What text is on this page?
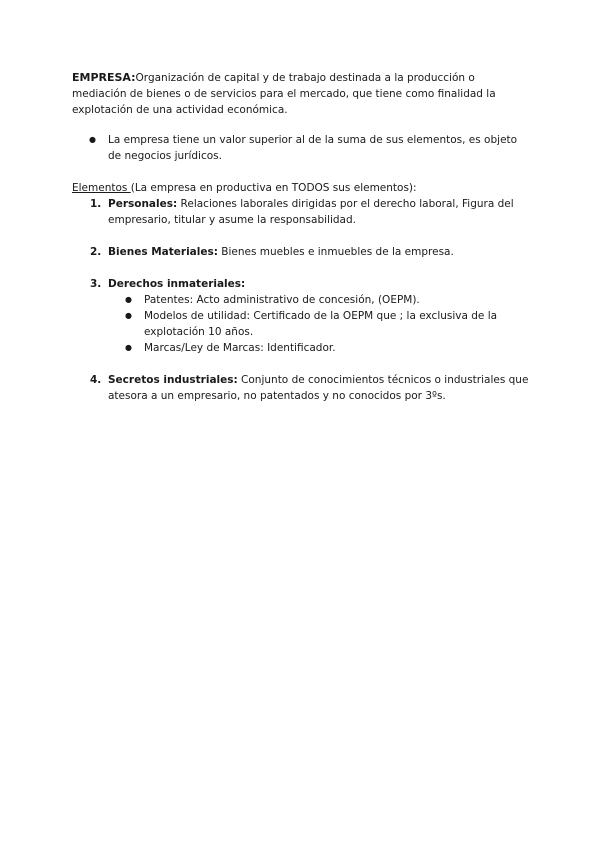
EMPRESA:Organización de capital y de trabajo destinada a la producción o mediación de bienes o de servicios para el mercado, que tiene como finalidad la explotación de una actividad económica.

● La empresa tiene un valor superior al de la suma de sus elementos, es objeto de negocios jurídicos.

Elementos (La empresa en productiva en TODOS sus elementos):

1. Personales: Relaciones laborales dirigidas por el derecho laboral, Figura del empresario, titular y asume la responsabilidad.
2. Bienes Materiales: Bienes muebles e inmuebles de la empresa.
3. Derechos inmateriales:
● Patentes: Acto administrativo de concesión, (OEPM).
● Modelos de utilidad: Certificado de la OEPM que ; la exclusiva de la explotación 10 años.
● Marcas/Ley de Marcas: Identificador.
4. Secretos industriales: Conjunto de conocimientos técnicos o industriales que atesora a un empresario, no patentados y no conocidos por 3ºs.
